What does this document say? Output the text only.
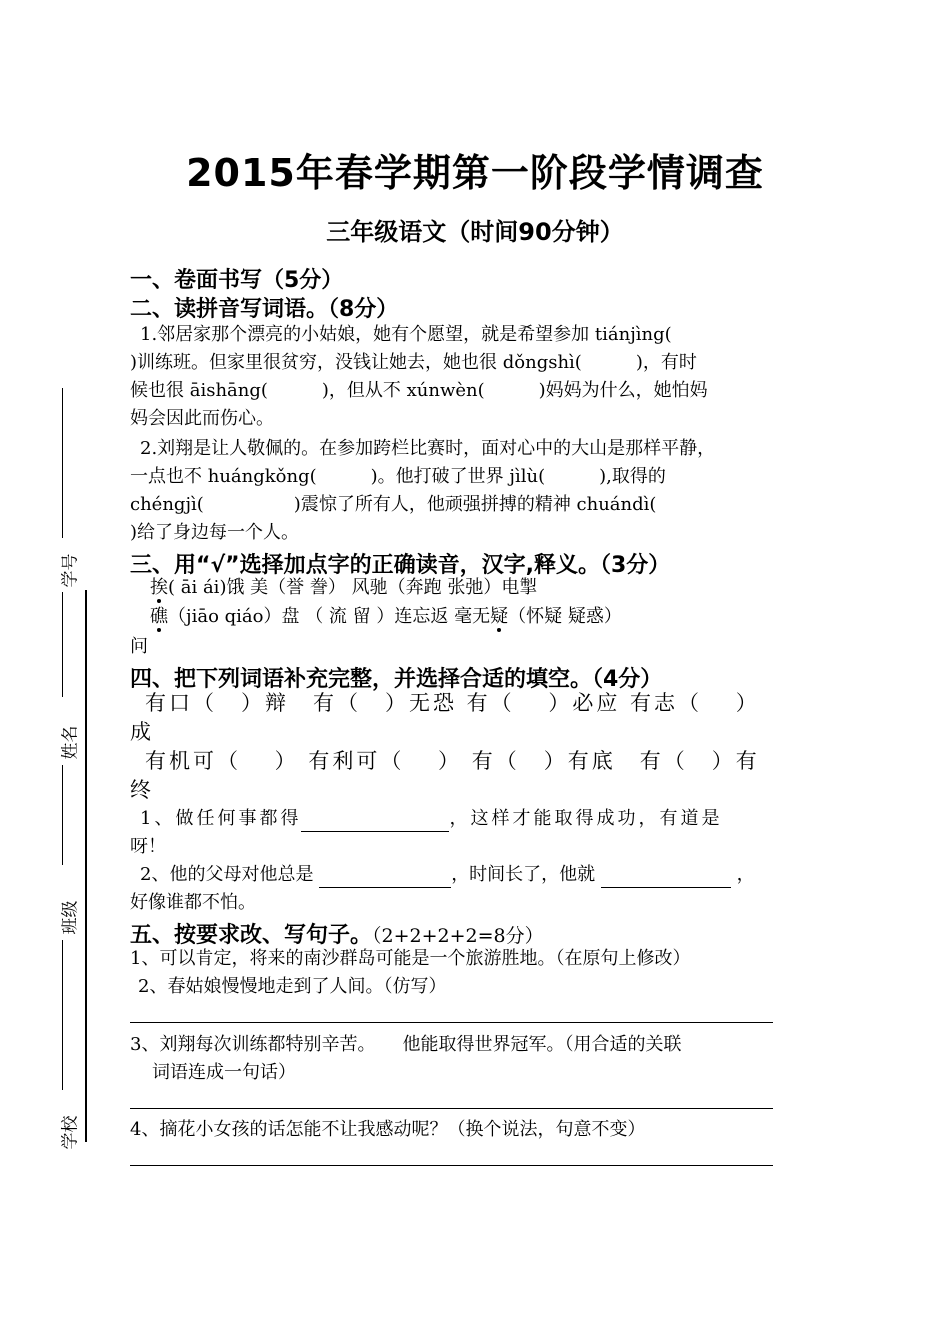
学号
姓名
班级
学校
2015年春学期第一阶段学情调查
三年级语文（时间90分钟）
一、卷面书写（5分）
二、读拼音写词语。（8分）
1.邻居家那个漂亮的小姑娘，她有个愿望，就是希望参加 tiánjìng(
)训练班。但家里很贫穷，没钱让她去，她也很 dǒngshì(　　　)，有时
候也很 āishāng(　　　)，但从不 xúnwèn(　　　)妈妈为什么，她怕妈
妈会因此而伤心。
2.刘翔是让人敬佩的。在参加跨栏比赛时，面对心中的大山是那样平静，
一点也不 huángkǒng(　　　)。他打破了世界 jìlù(　　　),取得的
chéngjì(　　　　　)震惊了所有人，他顽强拼搏的精神 chuándì(
)给了身边每一个人。
三、用“√”选择加点字的正确读音，汉字,释义。（3分）
挨( āi ái)饿 美（誉 誊） 风驰（奔跑 张弛）电掣
礁（jiāo qiáo）盘 （ 流 留 ）连忘返 毫无疑（怀疑 疑惑）
问
四、把下列词语补充完整，并选择合适的填空。（4分）
有口（　）辩　有（　）无恐 有（　 ）必应 有志（　 ）
成
有机可（　 ） 有利可（　 ） 有（　）有底　有（　）有
终
1、做任何事都得	，这样才能取得成功，有道是
呀！
2、他的父母对他总是	，时间长了，他就	，
好像谁都不怕。
五、按要求改、写句子。（2+2+2+2=8分）
1、可以肯定，将来的南沙群岛可能是一个旅游胜地。（在原句上修改）
2、春姑娘慢慢地走到了人间。（仿写）
3、刘翔每次训练都特别辛苦。　　他能取得世界冠军。（用合适的关联
词语连成一句话）
4、摘花小女孩的话怎能不让我感动呢？（换个说法，句意不变）
